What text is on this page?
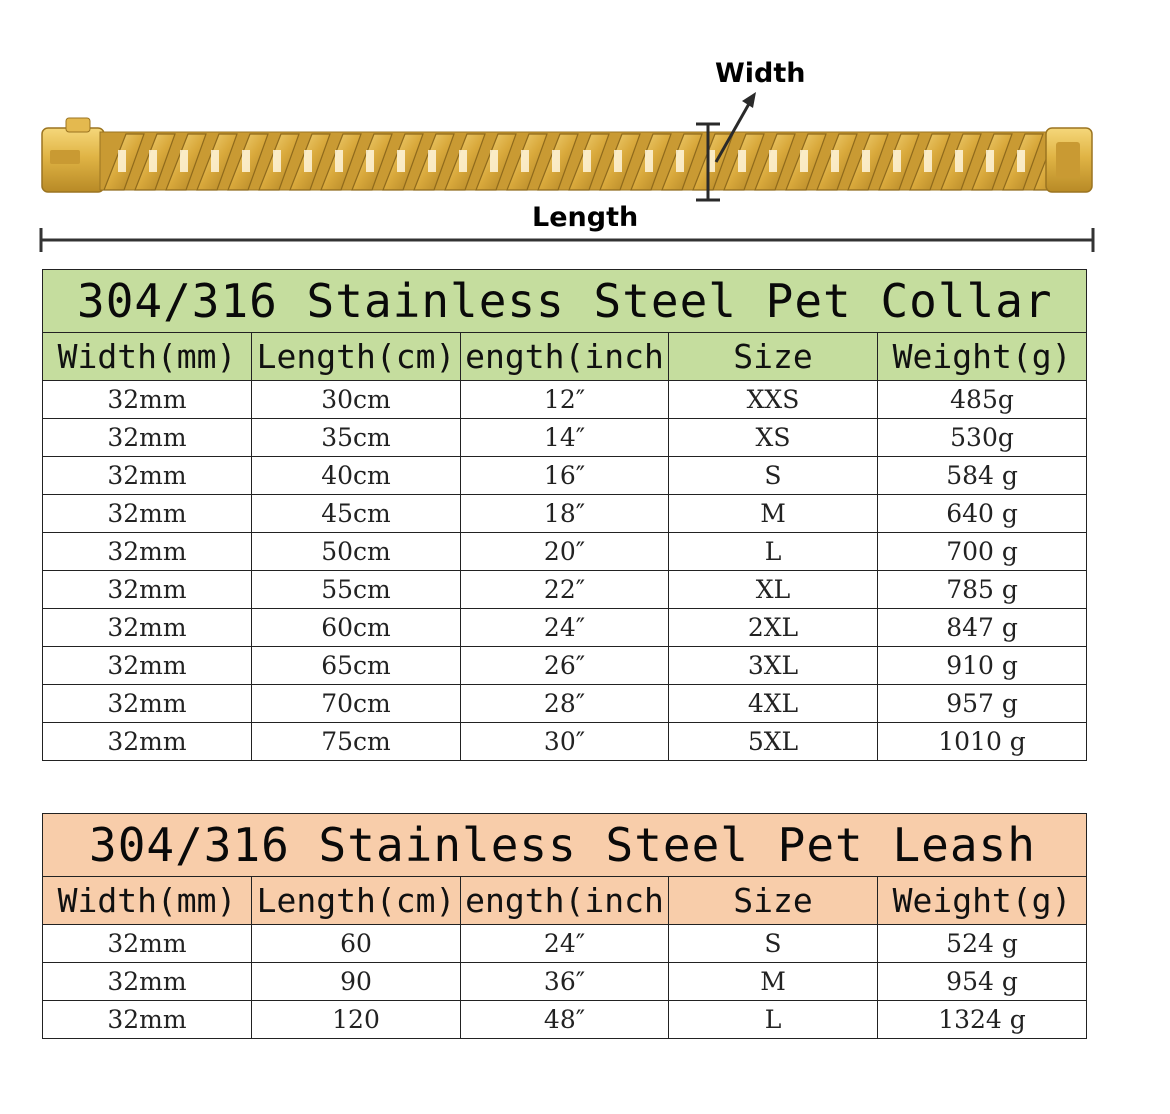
Width
Length
304/316 Stainless Steel Pet Collar				
Width(mm)	Length(cm)	ength(inch	Size	Weight(g)
32mm	30cm	12″	XXS	485g
32mm	35cm	14″	XS	530g
32mm	40cm	16″	S	584 g
32mm	45cm	18″	M	640 g
32mm	50cm	20″	L	700 g
32mm	55cm	22″	XL	785 g
32mm	60cm	24″	2XL	847 g
32mm	65cm	26″	3XL	910 g
32mm	70cm	28″	4XL	957 g
32mm	75cm	30″	5XL	1010 g
304/316 Stainless Steel Pet Leash				
Width(mm)	Length(cm)	ength(inch	Size	Weight(g)
32mm	60	24″	S	524 g
32mm	90	36″	M	954 g
32mm	120	48″	L	1324 g
